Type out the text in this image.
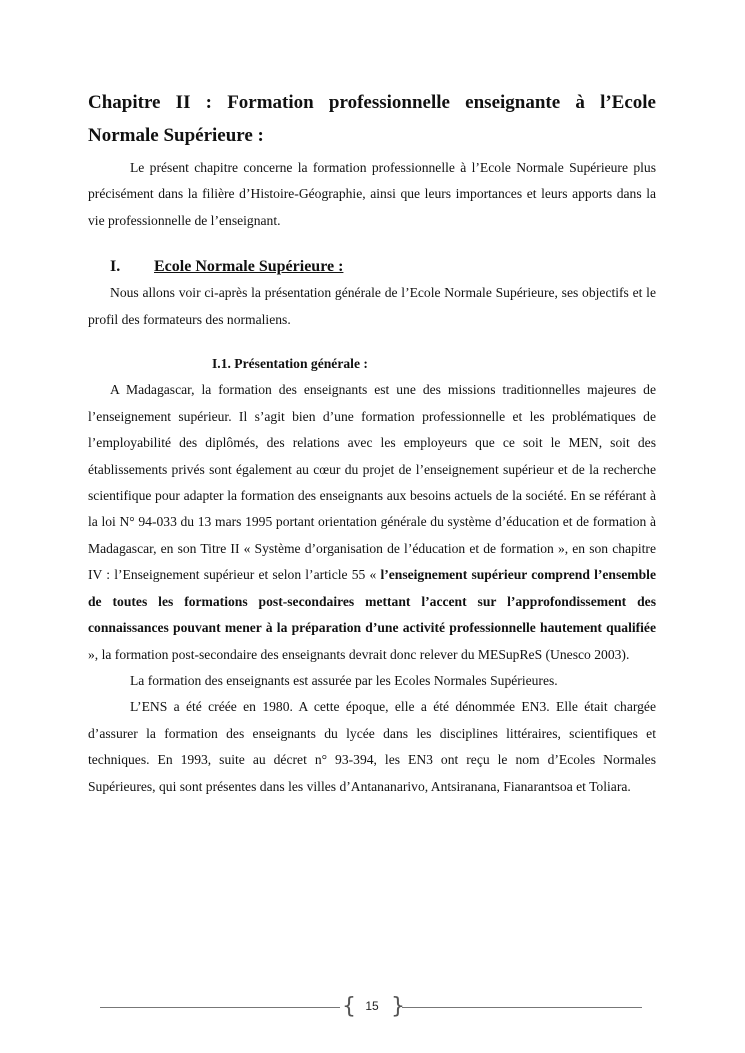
Chapitre II : Formation professionnelle enseignante à l’Ecole Normale Supérieure :

Le présent chapitre concerne la formation professionnelle à l’Ecole Normale Supérieure plus précisément dans la filière d’Histoire-Géographie, ainsi que leurs importances et leurs apports dans la vie professionnelle de l’enseignant.

I. Ecole Normale Supérieure :

Nous allons voir ci-après la présentation générale de l’Ecole Normale Supérieure, ses objectifs et le profil des formateurs des normaliens.

I.1. Présentation générale :

A Madagascar, la formation des enseignants est une des missions traditionnelles majeures de l’enseignement supérieur. Il s’agit bien d’une formation professionnelle et les problématiques de l’employabilité des diplômés, des relations avec les employeurs que ce soit le MEN, soit des établissements privés sont également au cœur du projet de l’enseignement supérieur et de la recherche scientifique pour adapter la formation des enseignants aux besoins actuels de la société. En se référant à la loi N° 94-033 du 13 mars 1995 portant orientation générale du système d’éducation et de formation à Madagascar, en son Titre II « Système d’organisation de l’éducation et de formation », en son chapitre IV : l’Enseignement supérieur et selon l’article 55 « l’enseignement supérieur comprend l’ensemble de toutes les formations post-secondaires mettant l’accent sur l’approfondissement des connaissances pouvant mener à la préparation d’une activité professionnelle hautement qualifiée », la formation post-secondaire des enseignants devrait donc relever du MESupReS (Unesco 2003).

La formation des enseignants est assurée par les Ecoles Normales Supérieures.

L’ENS a été créée en 1980. A cette époque, elle a été dénommée EN3. Elle était chargée d’assurer la formation des enseignants du lycée dans les disciplines littéraires, scientifiques et techniques. En 1993, suite au décret n° 93-394, les EN3 ont reçu le nom d’Ecoles Normales Supérieures, qui sont présentes dans les villes d’Antananarivo, Antsiranana, Fianarantsoa et Toliara.

{ }
15
